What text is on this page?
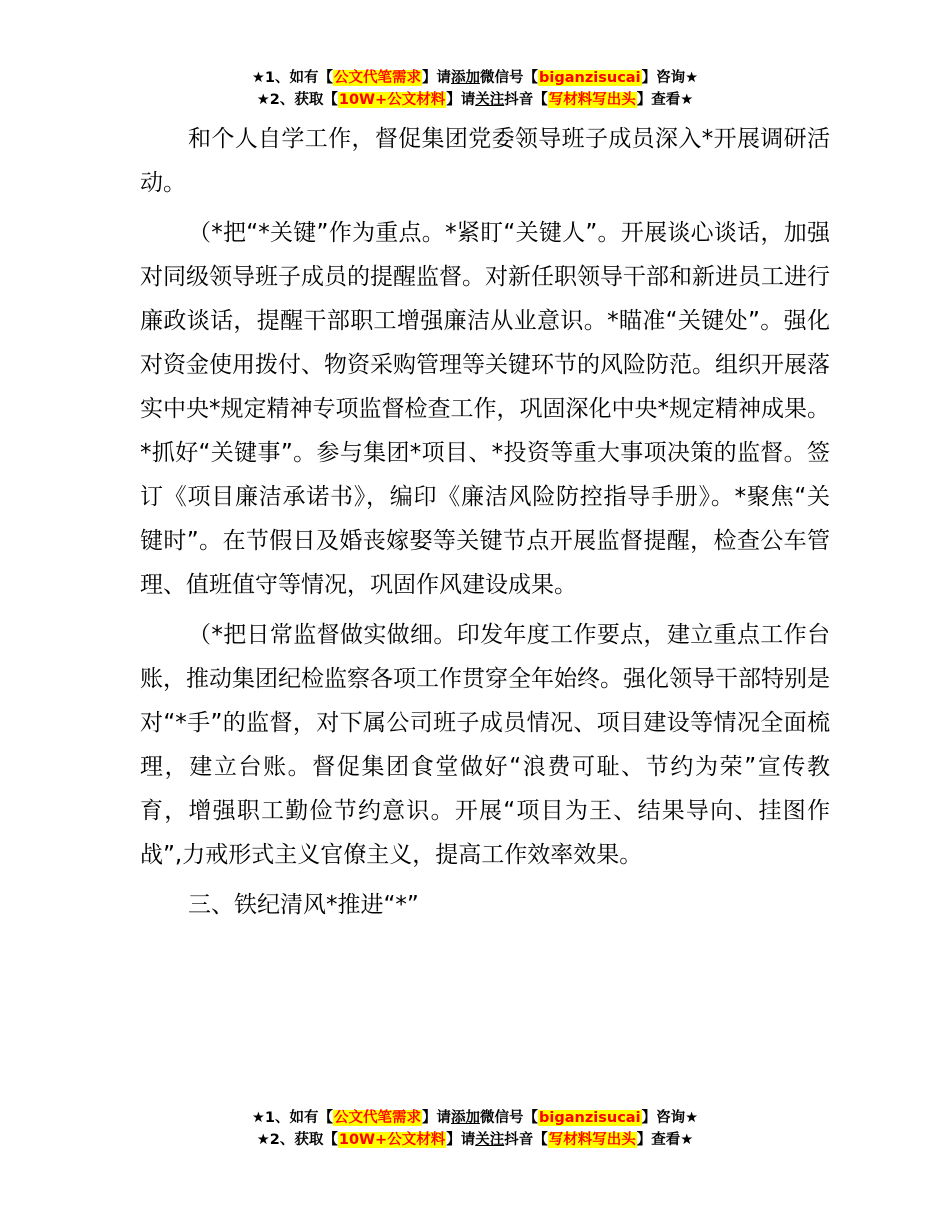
★1、如有【公文代笔需求】请添加微信号【biganzisucai】咨询★
★2、获取【10W+公文材料】请关注抖音【写材料写出头】查看★

和个人自学工作，督促集团党委领导班子成员深入*开展调研活动。

（*把“*关键”作为重点。*紧盯“关键人”。开展谈心谈话，加强对同级领导班子成员的提醒监督。对新任职领导干部和新进员工进行廉政谈话，提醒干部职工增强廉洁从业意识。*瞄准“关键处”。强化对资金使用拨付、物资采购管理等关键环节的风险防范。组织开展落实中央*规定精神专项监督检查工作，巩固深化中央*规定精神成果。*抓好“关键事”。参与集团*项目、*投资等重大事项决策的监督。签订《项目廉洁承诺书》，编印《廉洁风险防控指导手册》。*聚焦“关键时”。在节假日及婚丧嫁娶等关键节点开展监督提醒，检查公车管理、值班值守等情况，巩固作风建设成果。

（*把日常监督做实做细。印发年度工作要点，建立重点工作台账，推动集团纪检监察各项工作贯穿全年始终。强化领导干部特别是对“*手”的监督，对下属公司班子成员情况、项目建设等情况全面梳理，建立台账。督促集团食堂做好“浪费可耻、节约为荣”宣传教育，增强职工勤俭节约意识。开展“项目为王、结果导向、挂图作战”,力戒形式主义官僚主义，提高工作效率效果。

三、铁纪清风*推进“*”

★1、如有【公文代笔需求】请添加微信号【biganzisucai】咨询★
★2、获取【10W+公文材料】请关注抖音【写材料写出头】查看★
